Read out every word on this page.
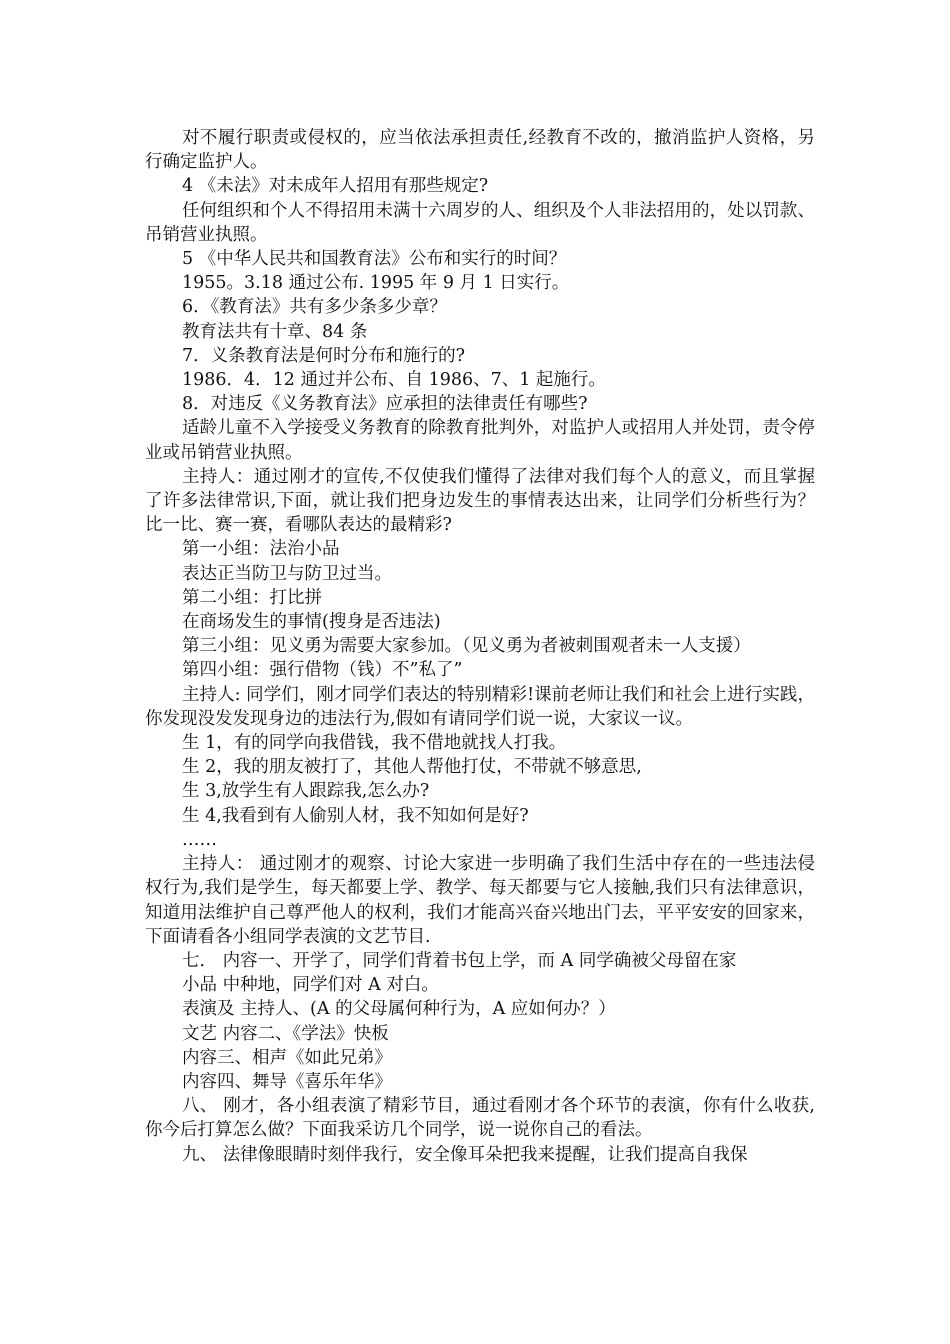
对不履行职责或侵权的，应当依法承担责任,经教育不改的，撤消监护人资格，另行确定监护人。

4 《未法》对未成年人招用有那些规定?

任何组织和个人不得招用未满十六周岁的人、组织及个人非法招用的，处以罚款、吊销营业执照。

5 《中华人民共和国教育法》公布和实行的时间？

1955。3.18 通过公布. 1995 年 9 月 1 日实行。

6．《教育法》共有多少条多少章？

教育法共有十章、84 条

7．义条教育法是何时分布和施行的?

1986．4．12 通过并公布、自 1986、7、1 起施行。

8．对违反《义务教育法》应承担的法律责任有哪些?

适龄儿童不入学接受义务教育的除教育批判外，对监护人或招用人并处罚，责令停业或吊销营业执照。

主持人：通过刚才的宣传,不仅使我们懂得了法律对我们每个人的意义，而且掌握了许多法律常识,下面，就让我们把身边发生的事情表达出来，让同学们分析些行为？比一比、赛一赛，看哪队表达的最精彩?

第一小组：法治小品

表达正当防卫与防卫过当。

第二小组：打比拼

在商场发生的事情(搜身是否违法)

第三小组：见义勇为需要大家参加。（见义勇为者被刺围观者未一人支援）

第四小组：强行借物（钱）不”私了”

主持人: 同学们，刚才同学们表达的特别精彩!课前老师让我们和社会上进行实践，你发现没发发现身边的违法行为,假如有请同学们说一说，大家议一议。

生 1，有的同学向我借钱，我不借地就找人打我。

生 2，我的朋友被打了，其他人帮他打仗，不带就不够意思,

生 3,放学生有人跟踪我,怎么办?

生 4,我看到有人偷别人材，我不知如何是好?

……

主持人： 通过刚才的观察、讨论大家进一步明确了我们生活中存在的一些违法侵权行为,我们是学生，每天都要上学、教学、每天都要与它人接触,我们只有法律意识，知道用法维护自己尊严他人的权利，我们才能高兴奋兴地出门去，平平安安的回家来，下面请看各小组同学表演的文艺节目.

七． 内容一、开学了，同学们背着书包上学，而 A 同学确被父母留在家

小品 中种地，同学们对 A 对白。

表演及 主持人、(A 的父母属何种行为，A 应如何办？）

文艺 内容二、《学法》快板

内容三、相声《如此兄弟》

内容四、舞导《喜乐年华》

八、 刚才，各小组表演了精彩节目，通过看刚才各个环节的表演，你有什么收获,你今后打算怎么做？下面我采访几个同学，说一说你自己的看法。

九、 法律像眼睛时刻伴我行，安全像耳朵把我来提醒，让我们提高自我保
